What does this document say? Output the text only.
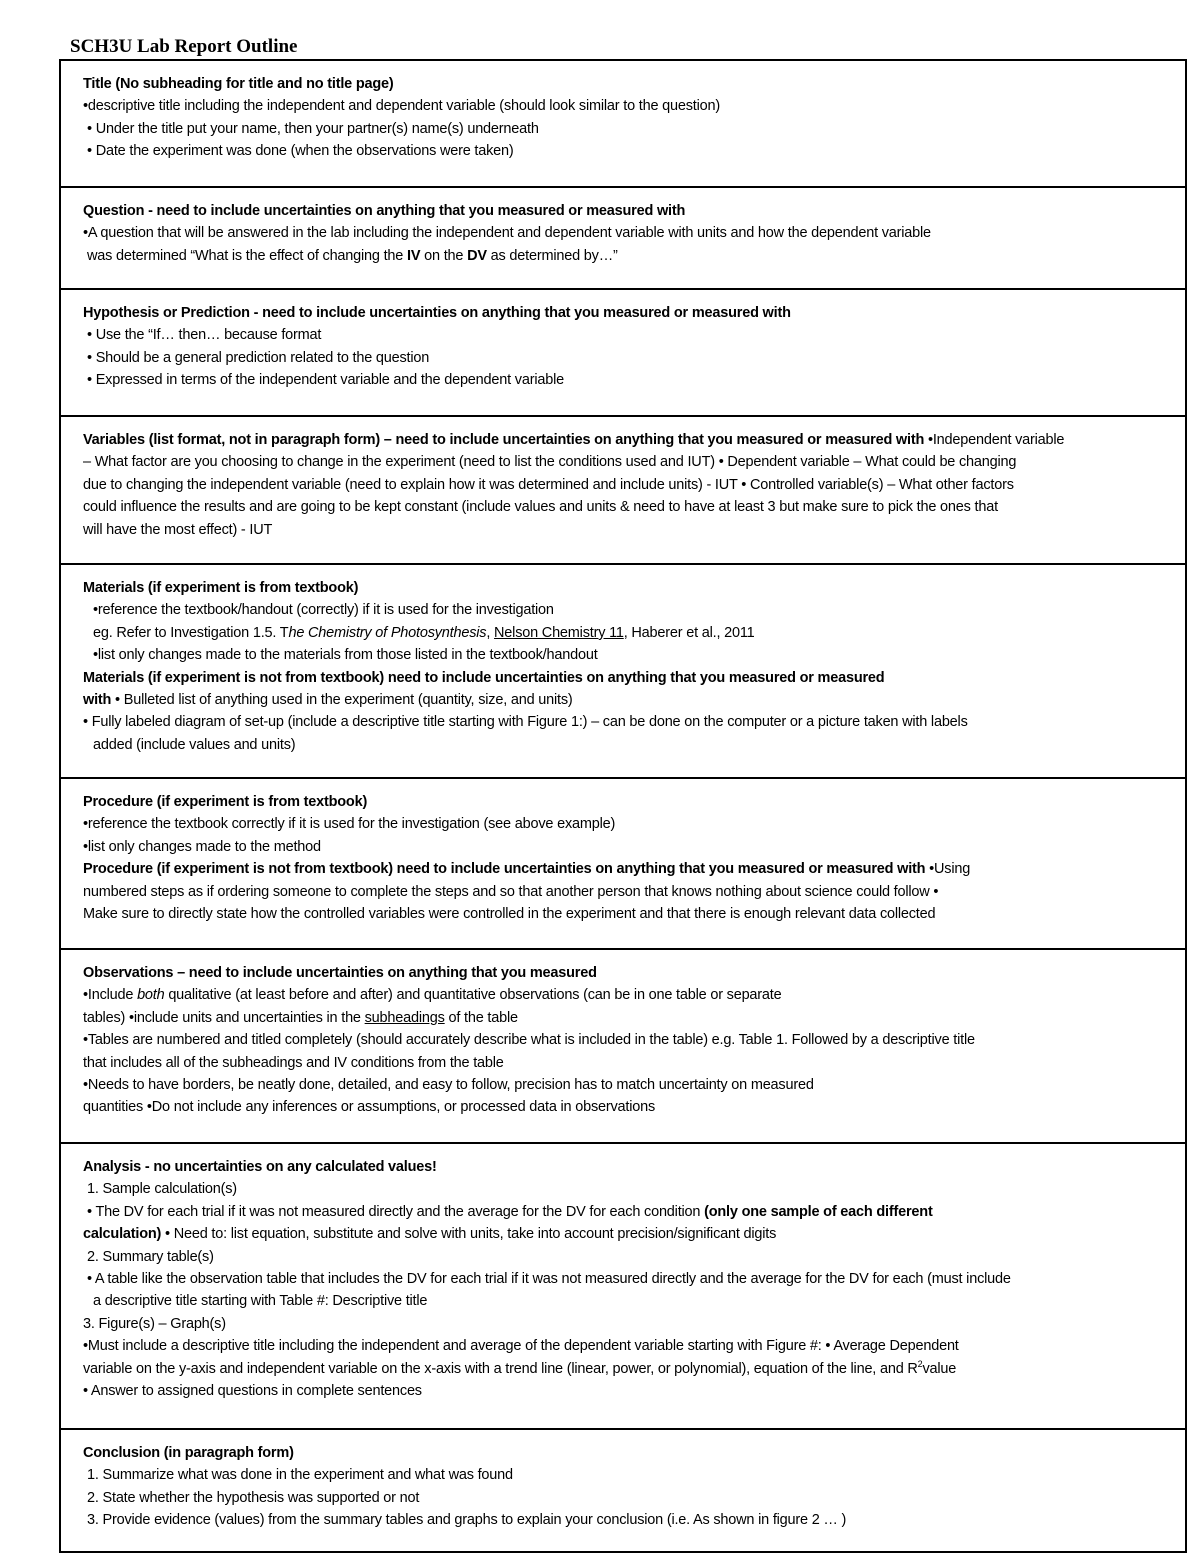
SCH3U Lab Report Outline
Title (No subheading for title and no title page)
•descriptive title including the independent and dependent variable (should look similar to the question)
• Under the title put your name, then your partner(s) name(s) underneath
• Date the experiment was done (when the observations were taken)
Question - need to include uncertainties on anything that you measured or measured with
•A question that will be answered in the lab including the independent and dependent variable with units and how the dependent variable
was determined “What is the effect of changing the IV on the DV as determined by…”
Hypothesis or Prediction - need to include uncertainties on anything that you measured or measured with
• Use the “If… then… because format
• Should be a general prediction related to the question
• Expressed in terms of the independent variable and the dependent variable
Variables (list format, not in paragraph form) – need to include uncertainties on anything that you measured or measured with •Independent variable
– What factor are you choosing to change in the experiment (need to list the conditions used and IUT) • Dependent variable – What could be changing
due to changing the independent variable (need to explain how it was determined and include units) - IUT • Controlled variable(s) – What other factors
could influence the results and are going to be kept constant (include values and units & need to have at least 3 but make sure to pick the ones that
will have the most effect) - IUT
Materials (if experiment is from textbook)
•reference the textbook/handout (correctly) if it is used for the investigation
eg. Refer to Investigation 1.5. The Chemistry of Photosynthesis, Nelson Chemistry 11, Haberer et al., 2011
•list only changes made to the materials from those listed in the textbook/handout
Materials (if experiment is not from textbook) need to include uncertainties on anything that you measured or measured
with • Bulleted list of anything used in the experiment (quantity, size, and units)
• Fully labeled diagram of set-up (include a descriptive title starting with Figure 1:) – can be done on the computer or a picture taken with labels
added (include values and units)
Procedure (if experiment is from textbook)
•reference the textbook correctly if it is used for the investigation (see above example)
•list only changes made to the method
Procedure (if experiment is not from textbook) need to include uncertainties on anything that you measured or measured with •Using
numbered steps as if ordering someone to complete the steps and so that another person that knows nothing about science could follow •
Make sure to directly state how the controlled variables were controlled in the experiment and that there is enough relevant data collected
Observations – need to include uncertainties on anything that you measured
•Include both qualitative (at least before and after) and quantitative observations (can be in one table or separate
tables) •include units and uncertainties in the subheadings of the table
•Tables are numbered and titled completely (should accurately describe what is included in the table) e.g. Table 1. Followed by a descriptive title
that includes all of the subheadings and IV conditions from the table
•Needs to have borders, be neatly done, detailed, and easy to follow, precision has to match uncertainty on measured
quantities •Do not include any inferences or assumptions, or processed data in observations
Analysis - no uncertainties on any calculated values!
1. Sample calculation(s)
• The DV for each trial if it was not measured directly and the average for the DV for each condition (only one sample of each different
calculation) • Need to: list equation, substitute and solve with units, take into account precision/significant digits
2. Summary table(s)
• A table like the observation table that includes the DV for each trial if it was not measured directly and the average for the DV for each (must include
a descriptive title starting with Table #: Descriptive title
3. Figure(s) – Graph(s)
•Must include a descriptive title including the independent and average of the dependent variable starting with Figure #: • Average Dependent
variable on the y-axis and independent variable on the x-axis with a trend line (linear, power, or polynomial), equation of the line, and $R^2value$
• Answer to assigned questions in complete sentences
Conclusion (in paragraph form)
1. Summarize what was done in the experiment and what was found
2. State whether the hypothesis was supported or not
3. Provide evidence (values) from the summary tables and graphs to explain your conclusion (i.e. As shown in figure 2 … )
